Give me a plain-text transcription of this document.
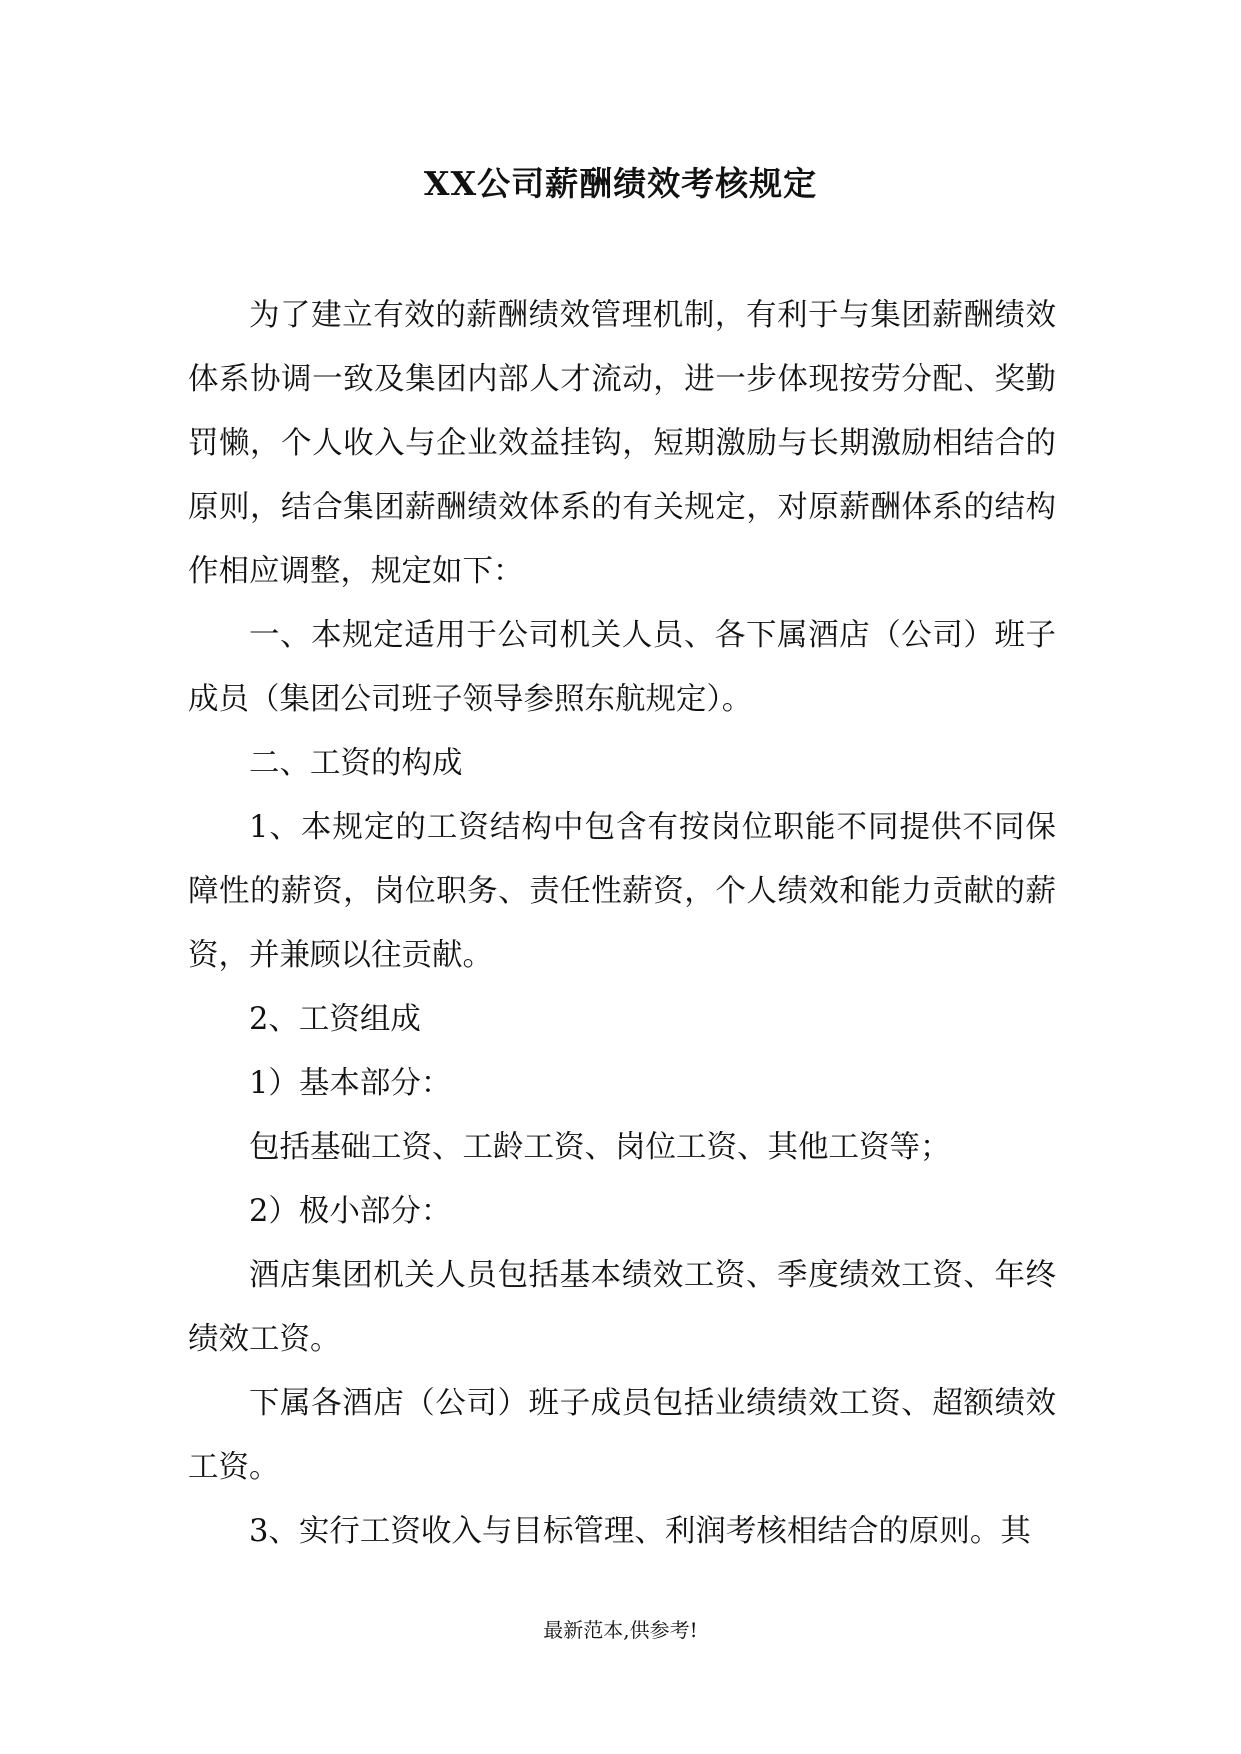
XX公司薪酬绩效考核规定

为了建立有效的薪酬绩效管理机制，有利于与集团薪酬绩效体系协调一致及集团内部人才流动，进一步体现按劳分配、奖勤罚懒，个人收入与企业效益挂钩，短期激励与长期激励相结合的原则，结合集团薪酬绩效体系的有关规定，对原薪酬体系的结构作相应调整，规定如下：

一、本规定适用于公司机关人员、各下属酒店（公司）班子成员（集团公司班子领导参照东航规定）。

二、工资的构成

1、本规定的工资结构中包含有按岗位职能不同提供不同保障性的薪资，岗位职务、责任性薪资，个人绩效和能力贡献的薪资，并兼顾以往贡献。

2、工资组成

1）基本部分：

包括基础工资、工龄工资、岗位工资、其他工资等；

2）极小部分：

酒店集团机关人员包括基本绩效工资、季度绩效工资、年终绩效工资。

下属各酒店（公司）班子成员包括业绩绩效工资、超额绩效工资。

3、实行工资收入与目标管理、利润考核相结合的原则。其

最新范本,供参考!
